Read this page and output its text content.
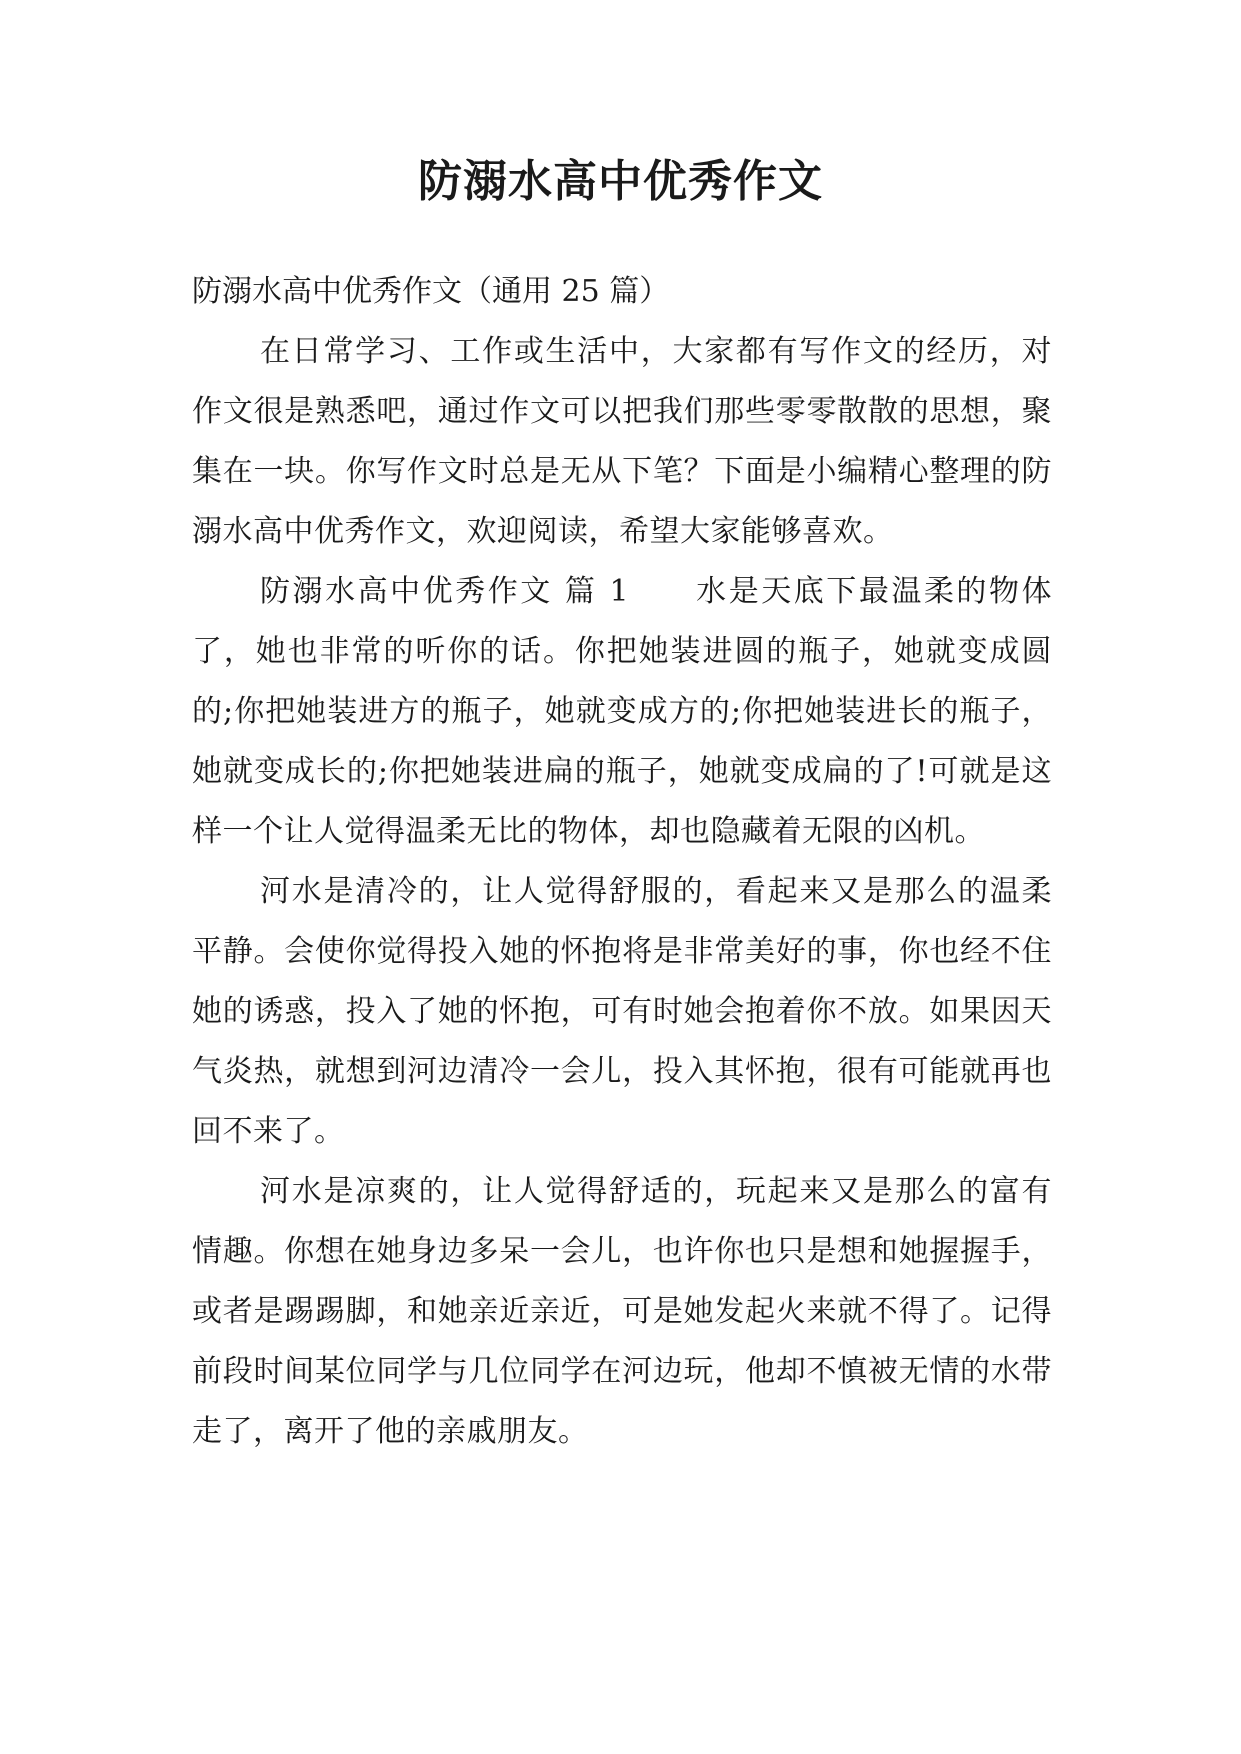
防溺水高中优秀作文

防溺水高中优秀作文（通用 25 篇）

在日常学习、工作或生活中，大家都有写作文的经历，对作文很是熟悉吧，通过作文可以把我们那些零零散散的思想，聚集在一块。你写作文时总是无从下笔？下面是小编精心整理的防溺水高中优秀作文，欢迎阅读，希望大家能够喜欢。

防溺水高中优秀作文 篇 1　　水是天底下最温柔的物体了，她也非常的听你的话。你把她装进圆的瓶子，她就变成圆的;你把她装进方的瓶子，她就变成方的;你把她装进长的瓶子，她就变成长的;你把她装进扁的瓶子，她就变成扁的了!可就是这样一个让人觉得温柔无比的物体，却也隐藏着无限的凶机。

河水是清冷的，让人觉得舒服的，看起来又是那么的温柔平静。会使你觉得投入她的怀抱将是非常美好的事，你也经不住她的诱惑，投入了她的怀抱，可有时她会抱着你不放。如果因天气炎热，就想到河边清冷一会儿，投入其怀抱，很有可能就再也回不来了。

河水是凉爽的，让人觉得舒适的，玩起来又是那么的富有情趣。你想在她身边多呆一会儿，也许你也只是想和她握握手，或者是踢踢脚，和她亲近亲近，可是她发起火来就不得了。记得前段时间某位同学与几位同学在河边玩，他却不慎被无情的水带走了，离开了他的亲戚朋友。
